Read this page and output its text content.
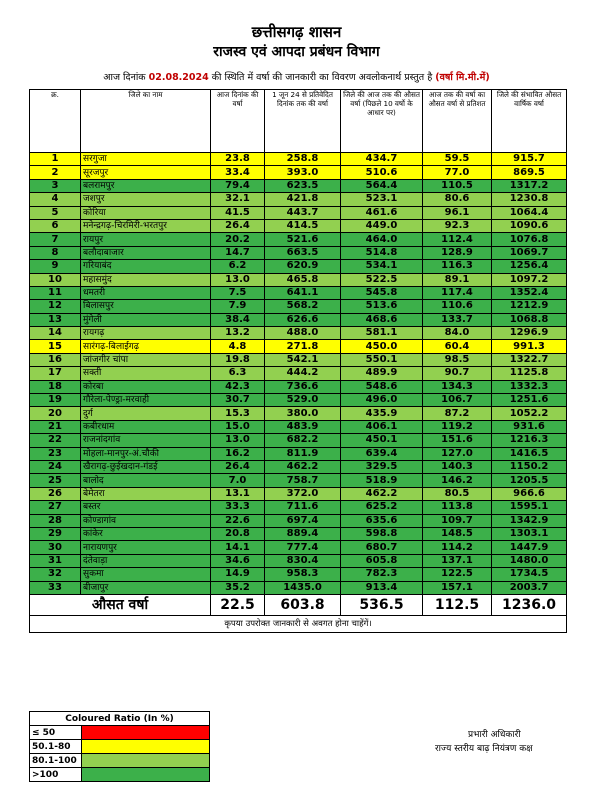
छत्तीसगढ़ शासन
राजस्व एवं आपदा प्रबंधन विभाग
आज दिनांक 02.08.2024 की स्थिति में वर्षा की जानकारी का विवरण अवलोकनार्थ प्रस्तुत है (वर्षा मि.मी.में)
क्र.	जिले का नाम	आज दिनांक की वर्षा	1 जून 24 से प्रतिवेदित दिनांक तक की वर्षा	जिले की आज तक की औसत वर्षा (पिछले 10 वर्षो के आधार पर)	आज तक की वर्षा का औसत वर्षा से प्रतिशत	जिले की संभावित औसत वार्षिक वर्षा
1	सरगुजा	23.8	258.8	434.7	59.5	915.7
2	सूरजपुर	33.4	393.0	510.6	77.0	869.5
3	बलरामपुर	79.4	623.5	564.4	110.5	1317.2
4	जशपुर	32.1	421.8	523.1	80.6	1230.8
5	कोरिया	41.5	443.7	461.6	96.1	1064.4
6	मनेन्द्रगढ़-चिरमिरी-भरतपुर	26.4	414.5	449.0	92.3	1090.6
7	रायपुर	20.2	521.6	464.0	112.4	1076.8
8	बलौदाबाजार	14.7	663.5	514.8	128.9	1069.7
9	गरियाबंद	6.2	620.9	534.1	116.3	1256.4
10	महासमुंद	13.0	465.8	522.5	89.1	1097.2
11	धमतरी	7.5	641.1	545.8	117.4	1352.4
12	बिलासपुर	7.9	568.2	513.6	110.6	1212.9
13	मुंगेली	38.4	626.6	468.6	133.7	1068.8
14	रायगढ़	13.2	488.0	581.1	84.0	1296.9
15	सारंगढ़-बिलाईगढ़	4.8	271.8	450.0	60.4	991.3
16	जांजगीर चांपा	19.8	542.1	550.1	98.5	1322.7
17	सक्ती	6.3	444.2	489.9	90.7	1125.8
18	कोरबा	42.3	736.6	548.6	134.3	1332.3
19	गौरेला-पेण्ड्रा-मरवाही	30.7	529.0	496.0	106.7	1251.6
20	दुर्ग	15.3	380.0	435.9	87.2	1052.2
21	कबीरधाम	15.0	483.9	406.1	119.2	931.6
22	राजनांदगांव	13.0	682.2	450.1	151.6	1216.3
23	मोहला-मानपुर-अं.चौकी	16.2	811.9	639.4	127.0	1416.5
24	खैरागढ़-छुईखदान-गंडई	26.4	462.2	329.5	140.3	1150.2
25	बालोद	7.0	758.7	518.9	146.2	1205.5
26	बेमेतरा	13.1	372.0	462.2	80.5	966.6
27	बस्तर	33.3	711.6	625.2	113.8	1595.1
28	कोण्डागांव	22.6	697.4	635.6	109.7	1342.9
29	कांकेर	20.8	889.4	598.8	148.5	1303.1
30	नारायणपुर	14.1	777.4	680.7	114.2	1447.9
31	दंतेवाड़ा	34.6	830.4	605.8	137.1	1480.0
32	सुकमा	14.9	958.3	782.3	122.5	1734.5
33	बीजापुर	35.2	1435.0	913.4	157.1	2003.7
औसत वर्षा		22.5	603.8	536.5	112.5	1236.0
कृपया उपरोक्त जानकारी से अवगत होना चाहेंगें।						
Coloured Ratio (In %)	
≤ 50	
50.1-80	
80.1-100	
>100	
प्रभारी अधिकारी
राज्य स्तरीय बाढ़ नियंत्रण कक्ष
